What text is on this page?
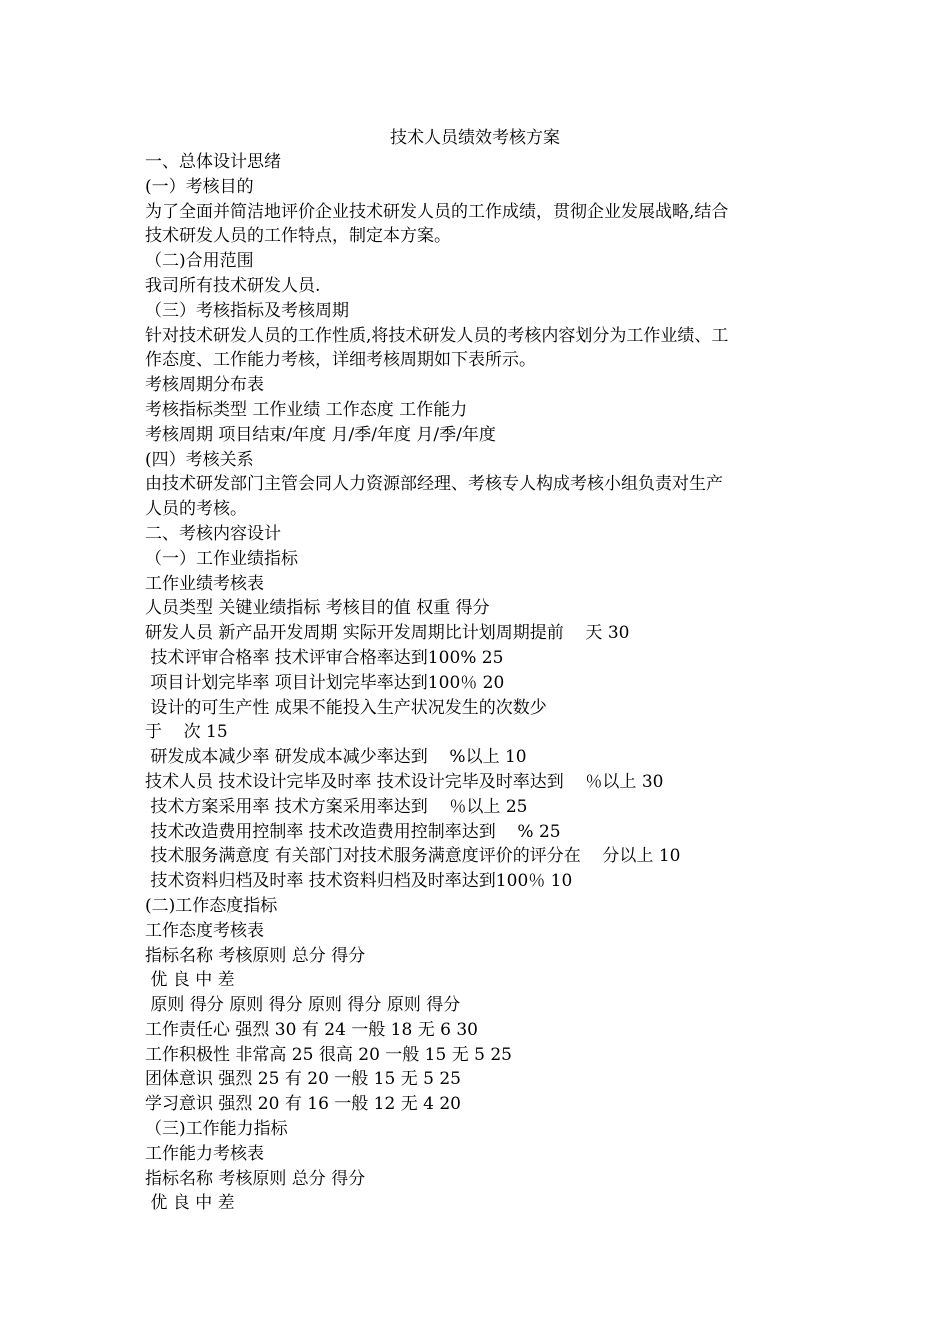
技术人员绩效考核方案
一、总体设计思绪
(一）考核目的
为了全面并简洁地评价企业技术研发人员的工作成绩，贯彻企业发展战略,结合
技术研发人员的工作特点，制定本方案。
（二)合用范围
我司所有技术研发人员.
（三）考核指标及考核周期
针对技术研发人员的工作性质,将技术研发人员的考核内容划分为工作业绩、工
作态度、工作能力考核，详细考核周期如下表所示。
考核周期分布表
考核指标类型 工作业绩 工作态度 工作能力
考核周期 项目结束/年度 月/季/年度 月/季/年度
(四）考核关系
由技术研发部门主管会同人力资源部经理、考核专人构成考核小组负责对生产
人员的考核。
二、考核内容设计
（一）工作业绩指标
工作业绩考核表
人员类型 关键业绩指标 考核目的值 权重 得分
研发人员 新产品开发周期 实际开发周期比计划周期提前    天 30
技术评审合格率 技术评审合格率达到100% 25
项目计划完毕率 项目计划完毕率达到100％ 20
设计的可生产性 成果不能投入生产状况发生的次数少
于    次 15
研发成本减少率 研发成本减少率达到    %以上 10
技术人员 技术设计完毕及时率 技术设计完毕及时率达到    ％以上 30
技术方案采用率 技术方案采用率达到    ％以上 25
技术改造费用控制率 技术改造费用控制率达到    % 25
技术服务满意度 有关部门对技术服务满意度评价的评分在    分以上 10
技术资料归档及时率 技术资料归档及时率达到100％ 10
(二)工作态度指标
工作态度考核表
指标名称 考核原则 总分 得分
优 良 中 差
原则 得分 原则 得分 原则 得分 原则 得分
工作责任心 强烈 30 有 24 一般 18 无 6 30
工作积极性 非常高 25 很高 20 一般 15 无 5 25
团体意识 强烈 25 有 20 一般 15 无 5 25
学习意识 强烈 20 有 16 一般 12 无 4 20
（三)工作能力指标
工作能力考核表
指标名称 考核原则 总分 得分
优 良 中 差
